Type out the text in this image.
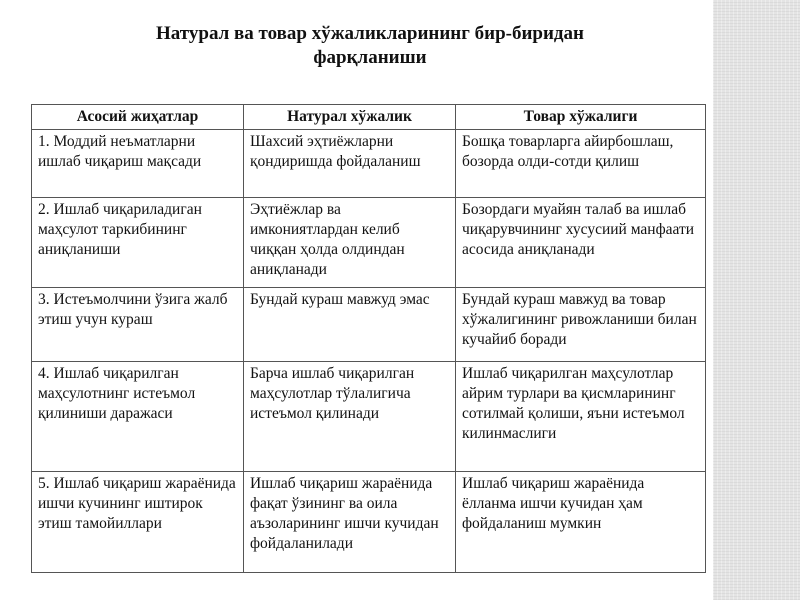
Натурал ва товар хўжаликларининг бир-биридан
фарқланиши
Асосий жиҳатлар	Натурал хўжалик	Товар хўжалиги
1. Моддий неъматларни ишлаб чиқариш мақсади	Шахсий эҳтиёжларни қондиришда фойдаланиш	Бошқа товарларга айирбошлаш, бозорда олди-сотди қилиш
2. Ишлаб чиқариладиган маҳсулот таркибининг аниқланиши	Эҳтиёжлар ва имкониятлардан келиб чиққан ҳолда олдиндан аниқланади	Бозордаги муайян талаб ва ишлаб чиқарувчининг хусусиий манфаати асосида аниқланади
3. Истеъмолчини ўзига жалб этиш учун кураш	Бундай кураш мавжуд эмас	Бундай кураш мавжуд ва товар хўжалигининг ривожланиши билан кучайиб боради
4. Ишлаб чиқарилган маҳсулотнинг истеъмол қилиниши даражаси	Барча ишлаб чиқарилган маҳсулотлар тўлалигича истеъмол қилинади	Ишлаб чиқарилган маҳсулотлар айрим турлари ва қисмларининг сотилмай қолиши, яъни истеъмол килинмаслиги
5. Ишлаб чиқариш жараёнида ишчи кучининг иштирок этиш тамойиллари	Ишлаб чиқариш жараёнида фақат ўзининг ва оила аъзоларининг ишчи кучидан фойдаланилади	Ишлаб чиқариш жараёнида ёлланма ишчи кучидан ҳам фойдаланиш мумкин
